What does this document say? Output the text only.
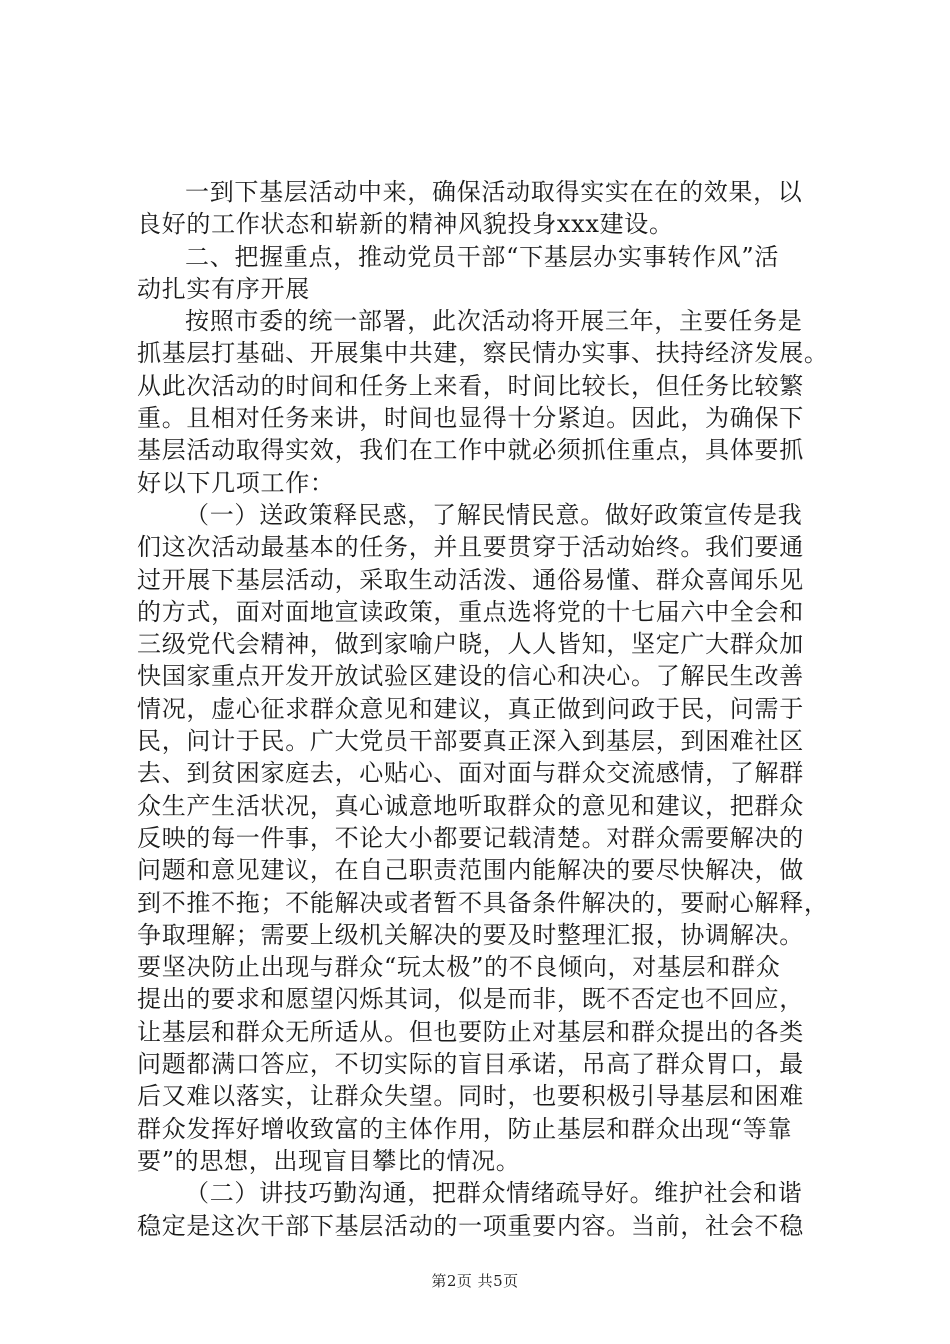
一到下基层活动中来，确保活动取得实实在在的效果，以
良好的工作状态和崭新的精神风貌投身xxx建设。
二、把握重点，推动党员干部“下基层办实事转作风”活
动扎实有序开展
按照市委的统一部署，此次活动将开展三年，主要任务是
抓基层打基础、开展集中共建，察民情办实事、扶持经济发展。
从此次活动的时间和任务上来看，时间比较长，但任务比较繁
重。且相对任务来讲，时间也显得十分紧迫。因此，为确保下
基层活动取得实效，我们在工作中就必须抓住重点，具体要抓
好以下几项工作：
（一）送政策释民惑，了解民情民意。做好政策宣传是我
们这次活动最基本的任务，并且要贯穿于活动始终。我们要通
过开展下基层活动，采取生动活泼、通俗易懂、群众喜闻乐见
的方式，面对面地宣读政策，重点选将党的十七届六中全会和
三级党代会精神，做到家喻户晓，人人皆知，坚定广大群众加
快国家重点开发开放试验区建设的信心和决心。了解民生改善
情况，虚心征求群众意见和建议，真正做到问政于民，问需于
民，问计于民。广大党员干部要真正深入到基层，到困难社区
去、到贫困家庭去，心贴心、面对面与群众交流感情，了解群
众生产生活状况，真心诚意地听取群众的意见和建议，把群众
反映的每一件事，不论大小都要记载清楚。对群众需要解决的
问题和意见建议，在自己职责范围内能解决的要尽快解决，做
到不推不拖；不能解决或者暂不具备条件解决的，要耐心解释，
争取理解；需要上级机关解决的要及时整理汇报，协调解决。
要坚决防止出现与群众“玩太极”的不良倾向，对基层和群众
提出的要求和愿望闪烁其词，似是而非，既不否定也不回应，
让基层和群众无所适从。但也要防止对基层和群众提出的各类
问题都满口答应，不切实际的盲目承诺，吊高了群众胃口，最
后又难以落实，让群众失望。同时，也要积极引导基层和困难
群众发挥好增收致富的主体作用，防止基层和群众出现“等靠
要”的思想，出现盲目攀比的情况。
（二）讲技巧勤沟通，把群众情绪疏导好。维护社会和谐
稳定是这次干部下基层活动的一项重要内容。当前，社会不稳
第2页 共5页
